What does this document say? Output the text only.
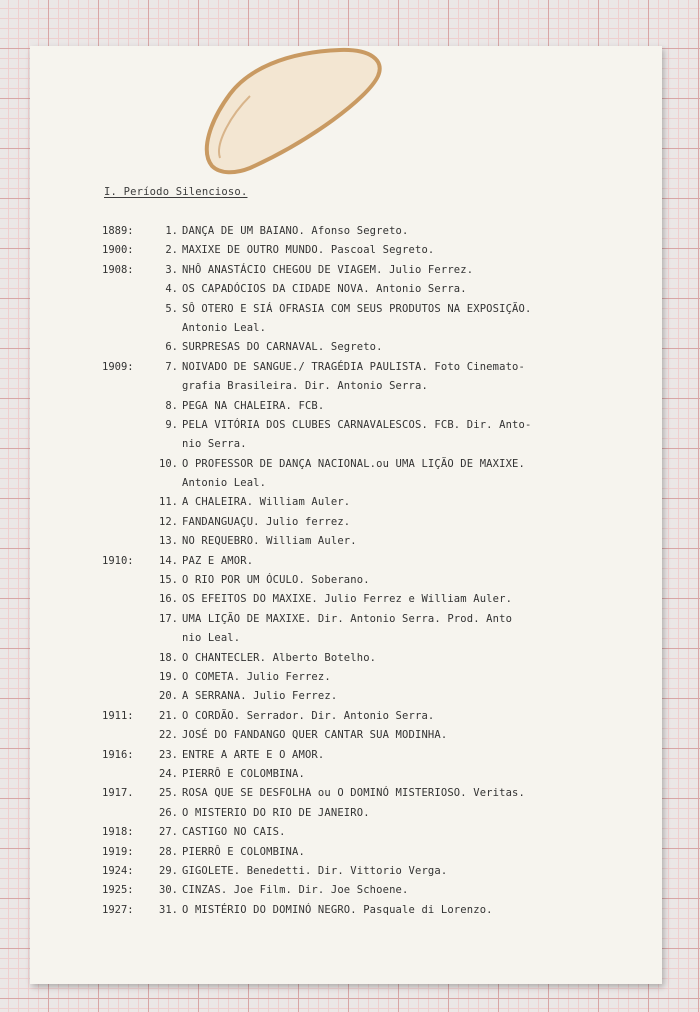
I. Período Silencioso.
1889:	1. DANÇA DE UM BAIANO. Afonso Segreto.
1900:	2. MAXIXE DE OUTRO MUNDO. Pascoal Segreto.
1908:	3. NHÔ ANASTÁCIO CHEGOU DE VIAGEM. Julio Ferrez.
4. OS CAPADÓCIOS DA CIDADE NOVA. Antonio Serra.
5. SÔ OTERO E SIÁ OFRASIA COM SEUS PRODUTOS NA EXPOSIÇÃO.
Antonio Leal.
6. SURPRESAS DO CARNAVAL. Segreto.
1909:	7. NOIVADO DE SANGUE./ TRAGÉDIA PAULISTA. Foto Cinemato-
grafia Brasileira. Dir. Antonio Serra.
8. PEGA NA CHALEIRA. FCB.
9. PELA VITÓRIA DOS CLUBES CARNAVALESCOS. FCB. Dir. Anto-
nio Serra.
10. O PROFESSOR DE DANÇA NACIONAL.ou UMA LIÇÃO DE MAXIXE.
Antonio Leal.
11. A CHALEIRA. William Auler.
12. FANDANGUAÇU. Julio ferrez.
13. NO REQUEBRO. William Auler.
1910:	14. PAZ E AMOR.
15. O RIO POR UM ÓCULO. Soberano.
16. OS EFEITOS DO MAXIXE. Julio Ferrez e William Auler.
17. UMA LIÇÃO DE MAXIXE. Dir. Antonio Serra. Prod. Anto
nio Leal.
18. O CHANTECLER. Alberto Botelho.
19. O COMETA. Julio Ferrez.
20. A SERRANA. Julio Ferrez.
1911:	21. O CORDÃO. Serrador. Dir. Antonio Serra.
22. JOSÉ DO FANDANGO QUER CANTAR SUA MODINHA.
1916:	23. ENTRE A ARTE E O AMOR.
24. PIERRÔ E COLOMBINA.
1917.	25. ROSA QUE SE DESFOLHA ou O DOMINÓ MISTERIOSO. Veritas.
26. O MISTERIO DO RIO DE JANEIRO.
1918:	27. CASTIGO NO CAIS.
1919:	28. PIERRÔ E COLOMBINA.
1924:	29. GIGOLETE. Benedetti. Dir. Vittorio Verga.
1925:	30. CINZAS. Joe Film. Dir. Joe Schoene.
1927:	31. O MISTÉRIO DO DOMINÓ NEGRO. Pasquale di Lorenzo.
